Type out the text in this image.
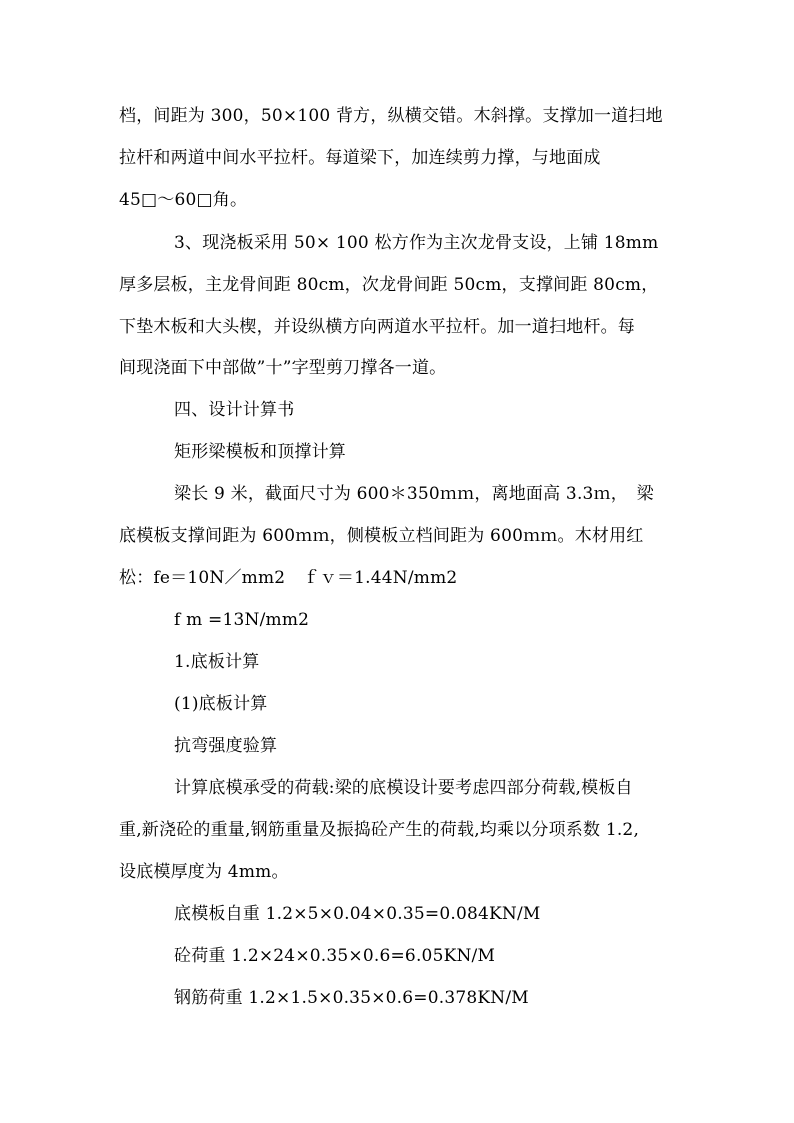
档，间距为 300，50×100 背方，纵横交错。木斜撑。支撑加一道扫地
拉杆和两道中间水平拉杆。每道梁下，加连续剪力撑，与地面成
45□～60□角。
3、现浇板采用 50× 100 松方作为主次龙骨支设，上铺 18mm
厚多层板，主龙骨间距 80cm，次龙骨间距 50cm，支撑间距 80cm，
下垫木板和大头楔，并设纵横方向两道水平拉杆。加一道扫地杆。每
间现浇面下中部做”十”字型剪刀撑各一道。
四、设计计算书
矩形梁模板和顶撑计算
梁长 9 米，截面尺寸为 600＊350ｍｍ，离地面高 3.3ｍ，　梁
底模板支撑间距为 600ｍｍ，侧模板立档间距为 600ｍｍ。木材用红
松：fe＝10N／mm2　ｆｖ＝1.44N/mm2
f m =13N/mm2
1.底板计算
(1)底板计算
抗弯强度验算
计算底模承受的荷载:梁的底模设计要考虑四部分荷载,模板自
重,新浇砼的重量,钢筋重量及振捣砼产生的荷载,均乘以分项系数 1.2,
设底模厚度为 4mm。
底模板自重 1.2×5×0.04×0.35=0.084KN/M
砼荷重 1.2×24×0.35×0.6=6.05KN/M
钢筋荷重 1.2×1.5×0.35×0.6=0.378KN/M
